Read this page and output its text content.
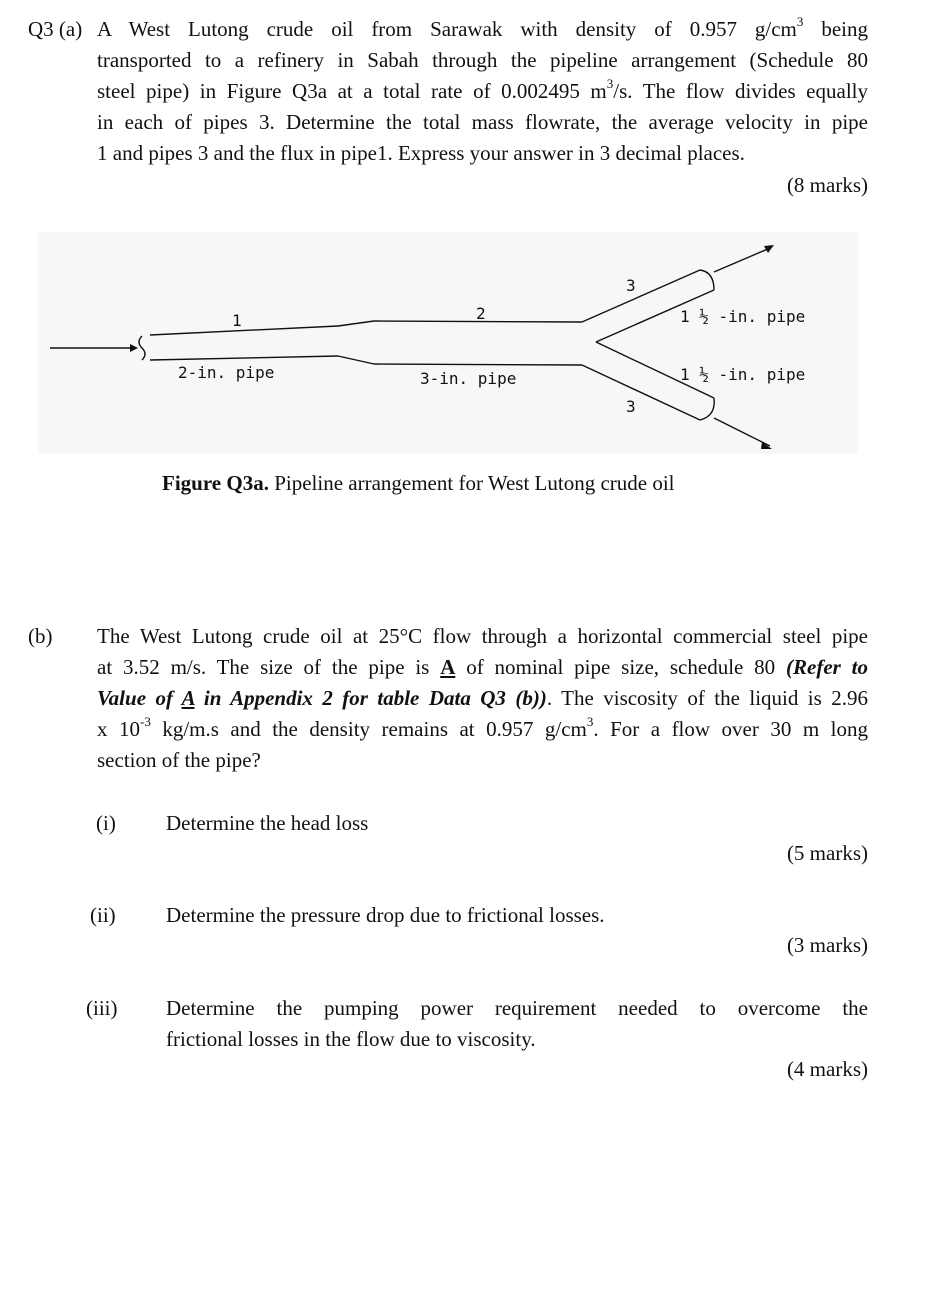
Q3 (a) A West Lutong crude oil from Sarawak with density of 0.957 $g/cm^3$ being
transported to a refinery in Sabah through the pipeline arrangement (Schedule 80
steel pipe) in Figure Q3a at a total rate of 0.002495 $m^3/s$. The flow divides equally
in each of pipes 3. Determine the total mass flowrate, the average velocity in pipe
1 and pipes 3 and the flux in pipe1. Express your answer in 3 decimal places.
(8 marks)
1	2
3
3
2-in. pipe	3-in. pipe
1 ½ -in. pipe
1 ½ -in. pipe
Figure Q3a. Pipeline arrangement for West Lutong crude oil
(b) The West Lutong crude oil at 25°C flow through a horizontal commercial steel pipe
at 3.52 m/s. The size of the pipe is A of nominal pipe size, schedule 80 (Refer to
Value of A in Appendix 2 for table Data Q3 (b)). The viscosity of the liquid is 2.96
x $10^{-3}$ kg/m.s and the density remains at 0.957 $g/cm^3$. For a flow over 30 m long
section of the pipe?
(i) Determine the head loss
(5 marks)
(ii) Determine the pressure drop due to frictional losses.
(3 marks)
(iii) Determine the pumping power requirement needed to overcome the
frictional losses in the flow due to viscosity.
(4 marks)
